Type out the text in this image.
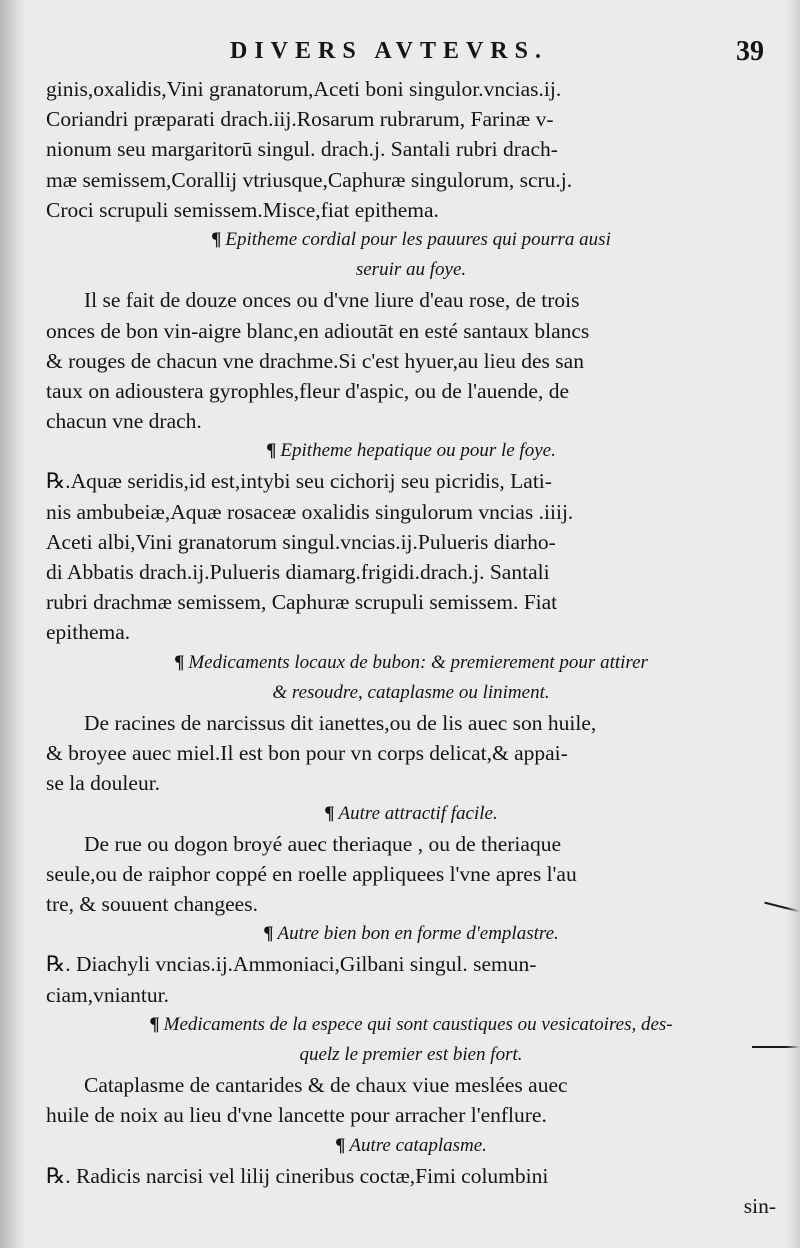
DIVERS AVTEVRS.	39
ginis,oxalidis,Vini granatorum,Aceti boni singulor.vncias.ij.
Coriandri præparati drach.iij.Rosarum rubrarum, Farinæ v-
nionum seu margaritorū singul. drach.j. Santali rubri drach-
mæ semissem,Corallij vtriusque,Caphuræ singulorum, scru.j.
Croci scrupuli semissem.Misce,fiat epithema.
¶ Epitheme cordial pour les pauures qui pourra ausi
seruir au foye.
Il se fait de douze onces ou d'vne liure d'eau rose, de trois
onces de bon vin-aigre blanc,en adioutāt en esté santaux blancs
& rouges de chacun vne drachme.Si c'est hyuer,au lieu des san
taux on adioustera gyrophles,fleur d'aspic, ou de l'auende, de
chacun vne drach.
¶ Epitheme hepatique ou pour le foye.
℞.Aquæ seridis,id est,intybi seu cichorij seu picridis, Lati-
nis ambubeiæ,Aquæ rosaceæ oxalidis singulorum vncias .iiij.
Aceti albi,Vini granatorum singul.vncias.ij.Pulueris diarho-
di Abbatis drach.ij.Pulueris diamarg.frigidi.drach.j. Santali
rubri drachmæ semissem, Caphuræ scrupuli semissem. Fiat
epithema.
¶ Medicaments locaux de bubon: & premierement pour attirer
& resoudre, cataplasme ou liniment.
De racines de narcissus dit ianettes,ou de lis auec son huile,
& broyee auec miel.Il est bon pour vn corps delicat,& appai-
se la douleur.
¶ Autre attractif facile.
De rue ou dogon broyé auec theriaque , ou de theriaque
seule,ou de raiphor coppé en roelle appliquees l'vne apres l'au
tre, & souuent changees.
¶ Autre bien bon en forme d'emplastre.
℞. Diachyli vncias.ij.Ammoniaci,Gilbani singul. semun-
ciam,vniantur.
¶ Medicaments de la espece qui sont caustiques ou vesicatoires, des-
quelz le premier est bien fort.
Cataplasme de cantarides & de chaux viue meslées auec
huile de noix au lieu d'vne lancette pour arracher l'enflure.
¶ Autre cataplasme.
℞. Radicis narcisi vel lilij cineribus coctæ,Fimi columbini
sin-
